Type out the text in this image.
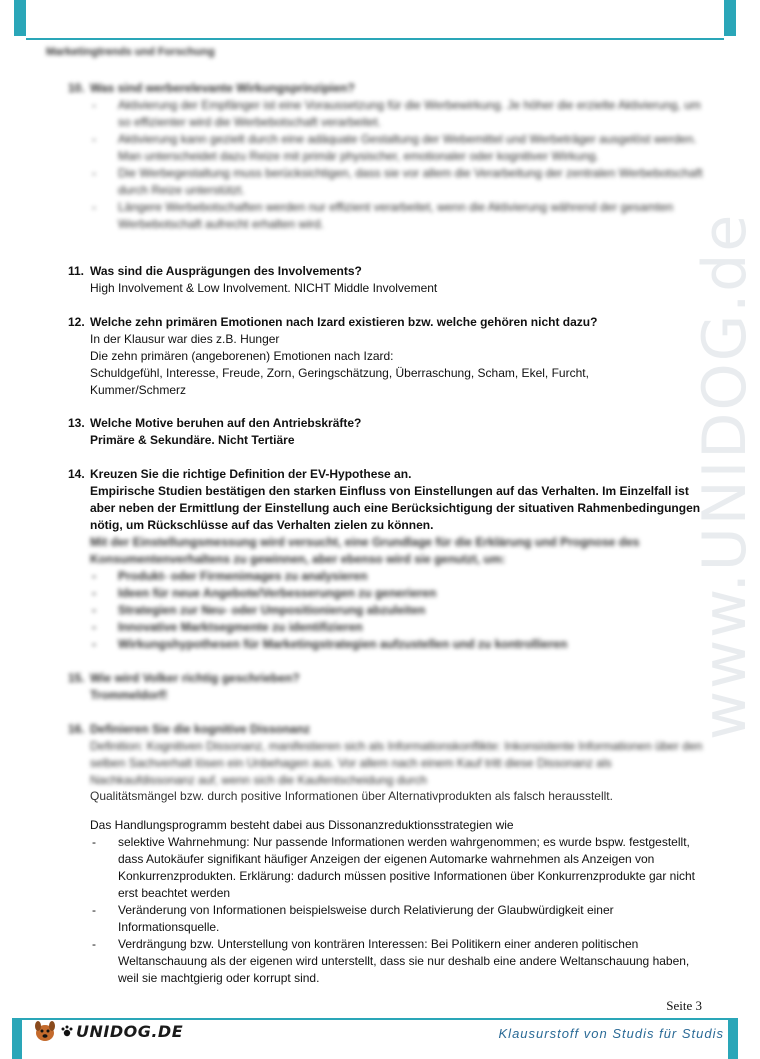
www.UNIDOG.de
Marketingtrends und Forschung
10. Was sind werberelevante Wirkungsprinzipien?
- Aktivierung der Empfänger ist eine Voraussetzung für die Werbewirkung. Je höher die erzielte Aktivierung, um so effizienter wird die Werbebotschaft verarbeitet.
- Aktivierung kann gezielt durch eine adäquate Gestaltung der Webemittel und Werbeträger ausgelöst werden. Man unterscheidet dazu Reize mit primär physischer, emotionaler oder kognitiver Wirkung.
- Die Werbegestaltung muss berücksichtigen, dass sie vor allem die Verarbeitung der zentralen Werbebotschaft durch Reize unterstützt.
- Längere Werbebotschaften werden nur effizient verarbeitet, wenn die Aktivierung während der gesamten Werbebotschaft aufrecht erhalten wird.
11. Was sind die Ausprägungen des Involvements?
High Involvement & Low Involvement. NICHT Middle Involvement
12. Welche zehn primären Emotionen nach Izard existieren bzw. welche gehören nicht dazu?
In der Klausur war dies z.B. Hunger
Die zehn primären (angeborenen) Emotionen nach Izard:
Schuldgefühl, Interesse, Freude, Zorn, Geringschätzung, Überraschung, Scham, Ekel, Furcht,
Kummer/Schmerz
13. Welche Motive beruhen auf den Antriebskräfte?
Primäre & Sekundäre. Nicht Tertiäre
14. Kreuzen Sie die richtige Definition der EV-Hypothese an.
Empirische Studien bestätigen den starken Einfluss von Einstellungen auf das Verhalten. Im Einzelfall ist aber neben der Ermittlung der Einstellung auch eine Berücksichtigung der situativen Rahmenbedingungen nötig, um Rückschlüsse auf das Verhalten zielen zu können.
Mit der Einstellungsmessung wird versucht, eine Grundlage für die Erklärung und Prognose des Konsumentenverhaltens zu gewinnen, aber ebenso wird sie genutzt, um:
- Produkt- oder Firmenimages zu analysieren
- Ideen für neue Angebote/Verbesserungen zu generieren
- Strategien zur Neu- oder Umpositionierung abzuleiten
- Innovative Marktsegmente zu identifizieren
- Wirkungshypothesen für Marketingstrategien aufzustellen und zu kontrollieren
15. Wie wird Volker richtig geschrieben?
Trommeldorf!
16. Definieren Sie die kognitive Dissonanz
Definition: Kognitiven Dissonanz, manifestieren sich als Informationskonflikte: Inkonsistente Informationen über den selben Sachverhalt lösen ein Unbehagen aus. Vor allem nach einem Kauf tritt diese Dissonanz als Nachkaufdissonanz auf, wenn sich die Kaufentscheidung durch
Qualitätsmängel bzw. durch positive Informationen über Alternativprodukten als falsch herausstellt.
Das Handlungsprogramm besteht dabei aus Dissonanzreduktionsstrategien wie
- selektive Wahrnehmung: Nur passende Informationen werden wahrgenommen; es wurde bspw. festgestellt, dass Autokäufer signifikant häufiger Anzeigen der eigenen Automarke wahrnehmen als Anzeigen von Konkurrenzprodukten. Erklärung: dadurch müssen positive Informationen über Konkurrenzprodukte gar nicht erst beachtet werden
- Veränderung von Informationen beispielsweise durch Relativierung der Glaubwürdigkeit einer Informationsquelle.
- Verdrängung bzw. Unterstellung von konträren Interessen: Bei Politikern einer anderen politischen Weltanschauung als der eigenen wird unterstellt, dass sie nur deshalb eine andere Weltanschauung haben, weil sie machtgierig oder korrupt sind.
Seite 3
UNIDOG.DE	Klausurstoff von Studis für Studis
